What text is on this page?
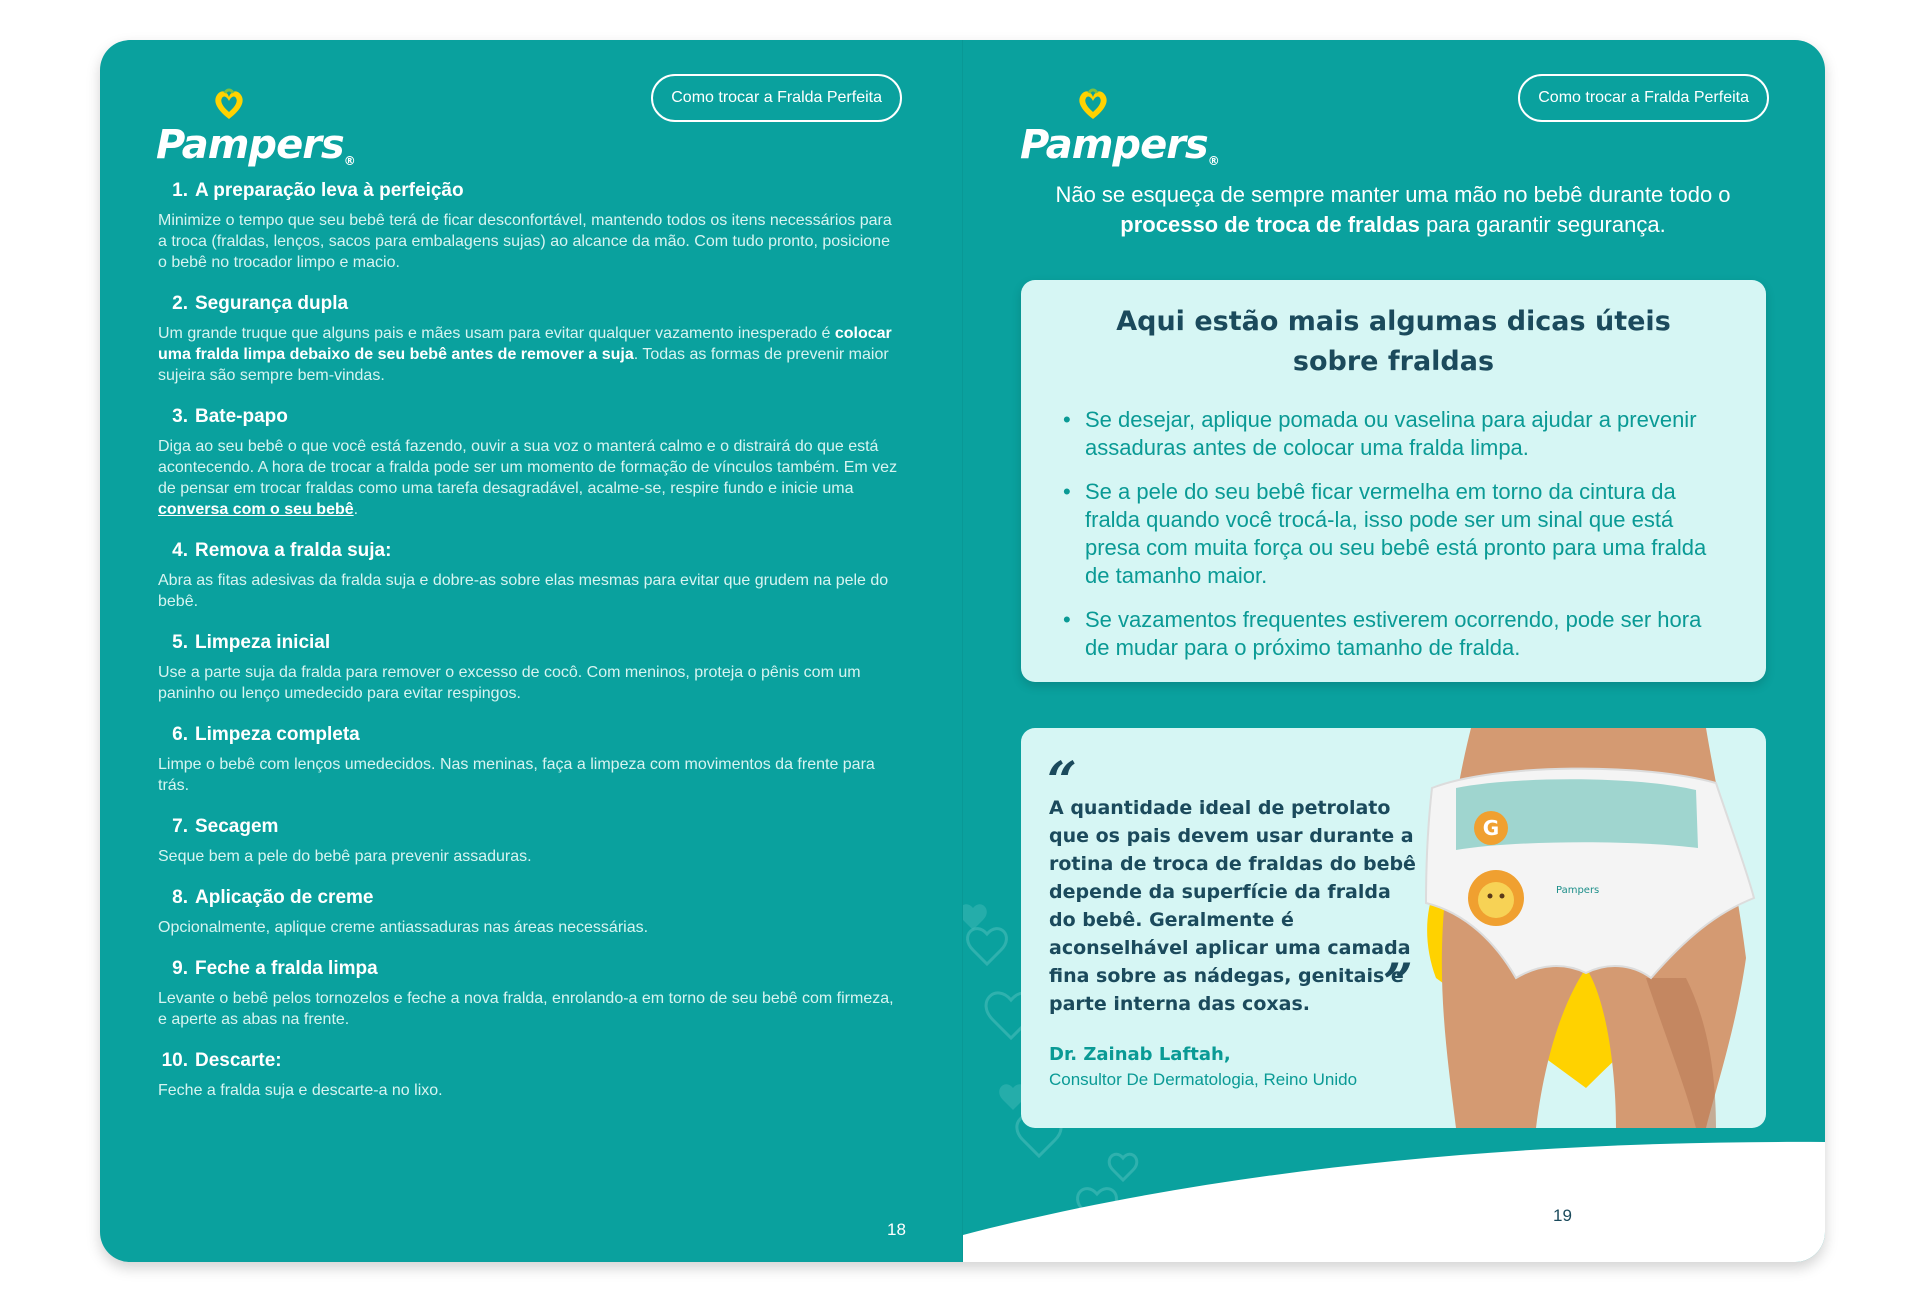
Pampers®
Como trocar a Fralda Perfeita
1. A preparação leva à perfeição
Minimize o tempo que seu bebê terá de ficar desconfortável, mantendo todos os itens necessários para a troca (fraldas, lenços, sacos para embalagens sujas) ao alcance da mão. Com tudo pronto, posicione o bebê no trocador limpo e macio.
2. Segurança dupla
Um grande truque que alguns pais e mães usam para evitar qualquer vazamento inesperado é colocar uma fralda limpa debaixo de seu bebê antes de remover a suja. Todas as formas de prevenir maior sujeira são sempre bem-vindas.
3. Bate-papo
Diga ao seu bebê o que você está fazendo, ouvir a sua voz o manterá calmo e o distrairá do que está acontecendo. A hora de trocar a fralda pode ser um momento de formação de vínculos também. Em vez de pensar em trocar fraldas como uma tarefa desagradável, acalme-se, respire fundo e inicie uma conversa com o seu bebê.
4. Remova a fralda suja:
Abra as fitas adesivas da fralda suja e dobre-as sobre elas mesmas para evitar que grudem na pele do bebê.
5. Limpeza inicial
Use a parte suja da fralda para remover o excesso de cocô. Com meninos, proteja o pênis com um paninho ou lenço umedecido para evitar respingos.
6. Limpeza completa
Limpe o bebê com lenços umedecidos. Nas meninas, faça a limpeza com movimentos da frente para trás.
7. Secagem
Seque bem a pele do bebê para prevenir assaduras.
8. Aplicação de creme
Opcionalmente, aplique creme antiassaduras nas áreas necessárias.
9. Feche a fralda limpa
Levante o bebê pelos tornozelos e feche a nova fralda, enrolando-a em torno de seu bebê com firmeza, e aperte as abas na frente.
10. Descarte:
Feche a fralda suja e descarte-a no lixo.
18
Pampers®
Como trocar a Fralda Perfeita
Não se esqueça de sempre manter uma mão no bebê durante todo o processo de troca de fraldas para garantir segurança.
Aqui estão mais algumas dicas úteis sobre fraldas
• Se desejar, aplique pomada ou vaselina para ajudar a prevenir assaduras antes de colocar uma fralda limpa.
• Se a pele do seu bebê ficar vermelha em torno da cintura da fralda quando você trocá-la, isso pode ser um sinal que está presa com muita força ou seu bebê está pronto para uma fralda de tamanho maior.
• Se vazamentos frequentes estiverem ocorrendo, pode ser hora de mudar para o próximo tamanho de fralda.
“
A quantidade ideal de petrolato que os pais devem usar durante a rotina de troca de fraldas do bebê depende da superfície da fralda do bebê. Geralmente é aconselhável aplicar uma camada fina sobre as nádegas, genitais e parte interna das coxas.	”
Dr. Zainab Laftah,
Consultor De Dermatologia, Reino Unido
G
Pampers
19
